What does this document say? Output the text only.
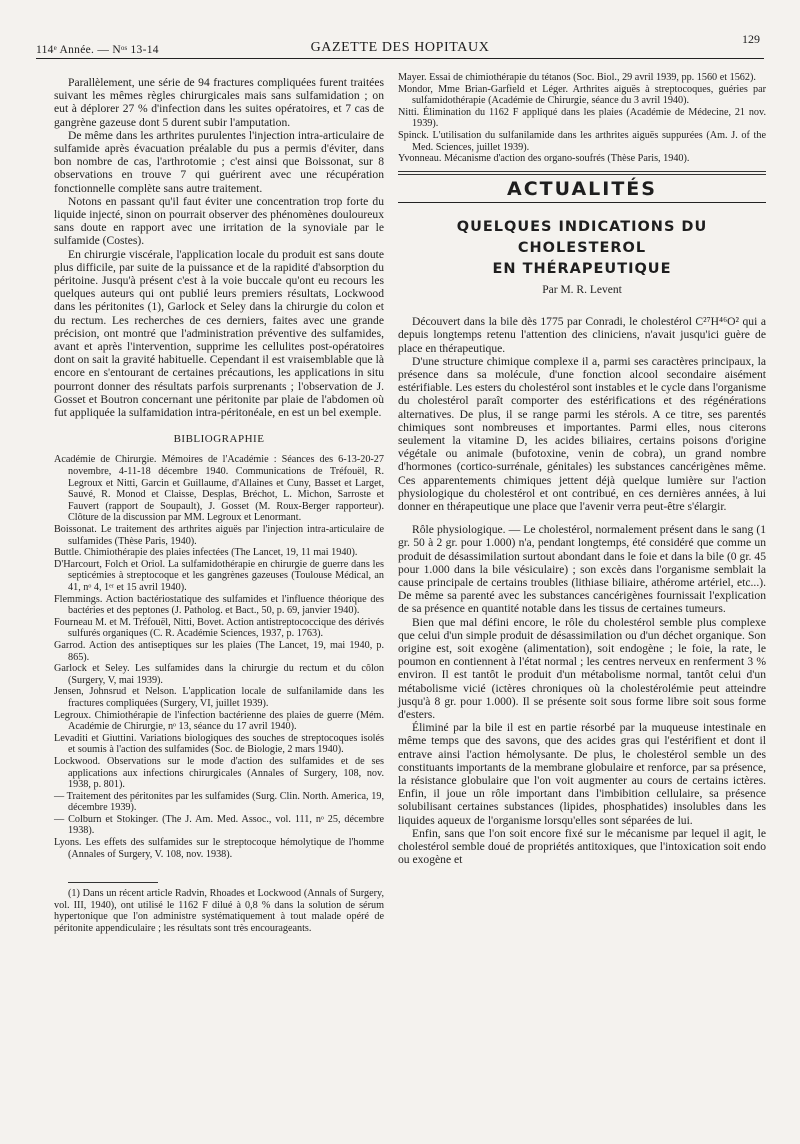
114ᵉ Année. — Nᵒˢ 13-14	GAZETTE DES HOPITAUX
129

Parallèlement, une série de 94 fractures compliquées furent traitées suivant les mêmes règles chirurgicales mais sans sulfamidation ; on eut à déplorer 27 % d'infection dans les suites opératoires, et 7 cas de gangrène gazeuse dont 5 durent subir l'amputation.

De même dans les arthrites purulentes l'injection intra-articulaire de sulfamide après évacuation préalable du pus a permis d'éviter, dans bon nombre de cas, l'arthrotomie ; c'est ainsi que Boissonat, sur 8 observations en trouve 7 qui guérirent avec une récupération fonctionnelle complète sans autre traitement.

Notons en passant qu'il faut éviter une concentration trop forte du liquide injecté, sinon on pourrait observer des phénomènes douloureux sans doute en rapport avec une irritation de la synoviale par le sulfamide (Costes).

En chirurgie viscérale, l'application locale du produit est sans doute plus difficile, par suite de la puissance et de la rapidité d'absorption du péritoine. Jusqu'à présent c'est à la voie buccale qu'ont eu recours les quelques auteurs qui ont publié leurs premiers résultats, Lockwood dans les péritonites (1), Garlock et Seley dans la chirurgie du colon et du rectum. Les recherches de ces derniers, faites avec une grande précision, ont montré que l'administration préventive des sulfamides, avant et après l'intervention, supprime les cellulites post-opératoires dont on sait la gravité habituelle. Cependant il est vraisemblable que là encore en s'entourant de certaines précautions, les applications in situ pourront donner des résultats parfois surprenants ; l'observation de J. Gosset et Boutron concernant une péritonite par plaie de l'abdomen où fut appliquée la sulfamidation intra-péritonéale, en est un bel exemple.

BIBLIOGRAPHIE
Académie de Chirurgie. Mémoires de l'Académie : Séances des 6-13-20-27 novembre, 4-11-18 décembre 1940. Communications de Tréfouël, R. Legroux et Nitti, Garcin et Guillaume, d'Allaines et Cuny, Basset et Larget, Sauvé, R. Monod et Claisse, Desplas, Bréchot, L. Michon, Sarroste et Fauvert (rapport de Soupault), J. Gosset (M. Roux-Berger rapporteur). Clôture de la discussion par MM. Legroux et Lenormant.
Boissonat. Le traitement des arthrites aiguës par l'injection intra-articulaire de sulfamides (Thèse Paris, 1940).
Buttle. Chimiothérapie des plaies infectées (The Lancet, 19, 11 mai 1940).
D'Harcourt, Folch et Oriol. La sulfamidothérapie en chirurgie de guerre dans les septicémies à streptocoque et les gangrènes gazeuses (Toulouse Médical, an 41, nᵒ 4, 1ᵉʳ et 15 avril 1940).
Flemmings. Action bactériostatique des sulfamides et l'influence théorique des bactéries et des peptones (J. Patholog. et Bact., 50, p. 69, janvier 1940).
Fourneau M. et M. Tréfouël, Nitti, Bovet. Action antistreptococcique des dérivés sulfurés organiques (C. R. Académie Sciences, 1937, p. 1763).
Garrod. Action des antiseptiques sur les plaies (The Lancet, 19, mai 1940, p. 865).
Garlock et Seley. Les sulfamides dans la chirurgie du rectum et du côlon (Surgery, V, mai 1939).
Jensen, Johnsrud et Nelson. L'application locale de sulfanilamide dans les fractures compliquées (Surgery, VI, juillet 1939).
Legroux. Chimiothérapie de l'infection bactérienne des plaies de guerre (Mém. Académie de Chirurgie, nᵒ 13, séance du 17 avril 1940).
Levaditi et Giuttini. Variations biologiques des souches de streptocoques isolés et soumis à l'action des sulfamides (Soc. de Biologie, 2 mars 1940).
Lockwood. Observations sur le mode d'action des sulfamides et de ses applications aux infections chirurgicales (Annales of Surgery, 108, nov. 1938, p. 801).
— Traitement des péritonites par les sulfamides (Surg. Clin. North. America, 19, décembre 1939).
— Colburn et Stokinger. (The J. Am. Med. Assoc., vol. 111, nᵒ 25, décembre 1938).
Lyons. Les effets des sulfamides sur le streptocoque hémolytique de l'homme (Annales of Surgery, V. 108, nov. 1938).
(1) Dans un récent article Radvin, Rhoades et Lockwood (Annals of Surgery, vol. III, 1940), ont utilisé le 1162 F dilué à 0,8 % dans la solution de sérum hypertonique que l'on administre systématiquement à tout malade opéré de péritonite appendiculaire ; les résultats sont très encourageants.
Mayer. Essai de chimiothérapie du tétanos (Soc. Biol., 29 avril 1939, pp. 1560 et 1562).
Mondor, Mme Brian-Garfield et Léger. Arthrites aiguës à streptocoques, guéries par sulfamidothérapie (Académie de Chirurgie, séance du 3 avril 1940).
Nitti. Élimination du 1162 F appliqué dans les plaies (Académie de Médecine, 21 nov. 1939).
Spinck. L'utilisation du sulfanilamide dans les arthrites aiguës suppurées (Am. J. of the Med. Sciences, juillet 1939).
Yvonneau. Mécanisme d'action des organo-soufrés (Thèse Paris, 1940).
ACTUALITÉS
QUELQUES INDICATIONS DU CHOLESTEROL
EN THÉRAPEUTIQUE
Par M. R. Levent

Découvert dans la bile dès 1775 par Conradi, le cholestérol C²⁷H⁴⁶O² qui a depuis longtemps retenu l'attention des cliniciens, n'avait jusqu'ici guère de place en thérapeutique.

D'une structure chimique complexe il a, parmi ses caractères principaux, la présence dans sa molécule, d'une fonction alcool secondaire aisément estérifiable. Les esters du cholestérol sont instables et le cycle dans l'organisme du cholestérol paraît comporter des estérifications et des régénérations alternatives. De plus, il se range parmi les stérols. A ce titre, ses parentés chimiques sont nombreuses et importantes. Parmi elles, nous citerons seulement la vitamine D, les acides biliaires, certains poisons d'origine végétale ou animale (bufotoxine, venin de cobra), un grand nombre d'hormones (cortico-surrénale, génitales) les substances cancérigènes même. Ces apparentements chimiques jettent déjà quelque lumière sur l'action physiologique du cholestérol et ont contribué, en ces dernières années, à lui donner en thérapeutique une place que l'avenir verra peut-être s'élargir.

Rôle physiologique. — Le cholestérol, normalement présent dans le sang (1 gr. 50 à 2 gr. pour 1.000) n'a, pendant longtemps, été considéré que comme un produit de désassimilation surtout abondant dans le foie et dans la bile (0 gr. 45 pour 1.000 dans la bile vésiculaire) ; son excès dans l'organisme semblait la cause principale de certains troubles (lithiase biliaire, athérome artériel, etc...). De même sa parenté avec les substances cancérigènes fournissait l'explication de sa présence en quantité notable dans les tissus de certaines tumeurs.

Bien que mal défini encore, le rôle du cholestérol semble plus complexe que celui d'un simple produit de désassimilation ou d'un déchet organique. Son origine est, soit exogène (alimentation), soit endogène ; le foie, la rate, le poumon en contiennent à l'état normal ; les centres nerveux en renferment 3 % environ. Il est tantôt le produit d'un métabolisme normal, tantôt celui d'un métabolisme vicié (ictères chroniques où la cholestérolémie peut atteindre jusqu'à 8 gr. pour 1.000). Il se présente soit sous forme libre soit sous forme d'esters.

Éliminé par la bile il est en partie résorbé par la muqueuse intestinale en même temps que des savons, que des acides gras qui l'estérifient et dont il entrave ainsi l'action hémolysante. De plus, le cholestérol semble un des constituants importants de la membrane globulaire et renforce, par sa présence, la résistance globulaire que l'on voit augmenter au cours de certains ictères. Enfin, il joue un rôle important dans l'imbibition cellulaire, sa présence solubilisant certaines substances (lipides, phosphatides) insolubles dans les liquides aqueux de l'organisme lorsqu'elles sont séparées de lui.

Enfin, sans que l'on soit encore fixé sur le mécanisme par lequel il agit, le cholestérol semble doué de propriétés antitoxiques, que l'intoxication soit endo ou exogène et
